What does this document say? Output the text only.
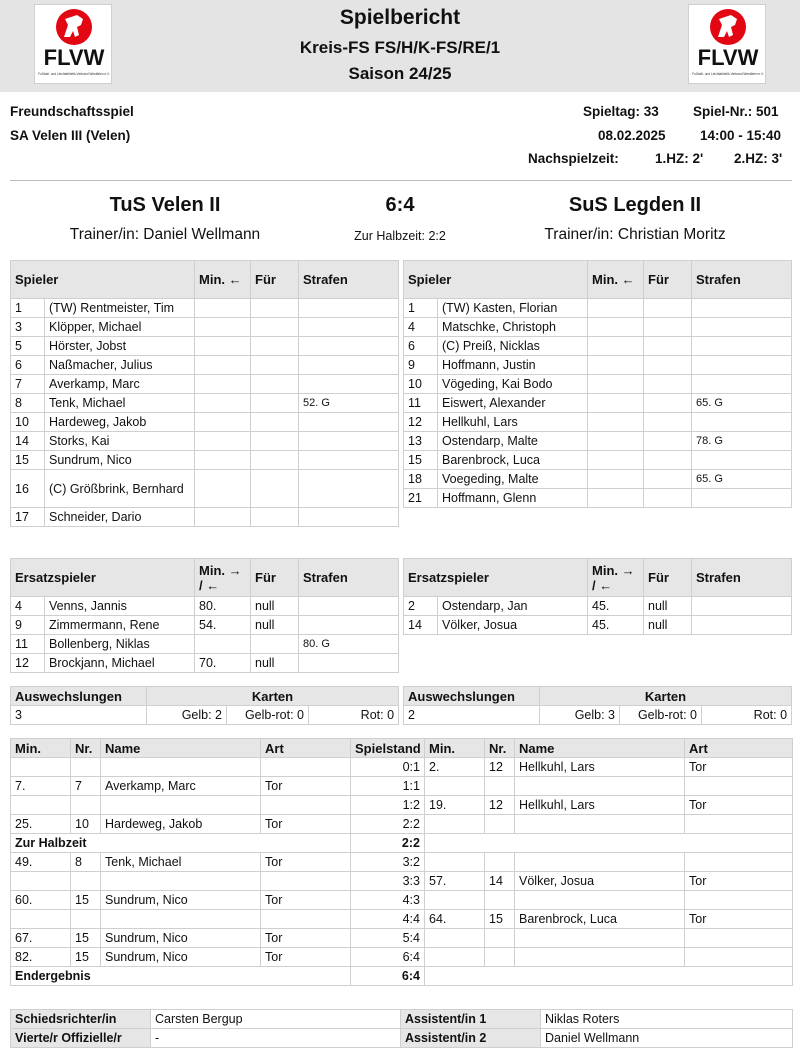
FLVW
Fußball- und Leichtathletik-Verband Westfalen e.V.
Spielbericht
Kreis-FS FS/H/K-FS/RE/1
Saison 24/25
FLVW
Fußball- und Leichtathletik-Verband Westfalen e.V.
Freundschaftsspiel
SA Velen III (Velen)
Spieltag: 33	Spiel-Nr.: 501
08.02.2025	14:00 - 15:40
Nachspielzeit:	1.HZ: 2' 2.HZ: 3'
TuS Velen II	6:4	SuS Legden II
Trainer/in: Daniel Wellmann	Zur Halbzeit: 2:2	Trainer/in: Christian Moritz
Spieler		Min. ←	Für	Strafen
1	(TW) Rentmeister, Tim			
3	Klöpper, Michael			
5	Hörster, Jobst			
6	Naßmacher, Julius			
7	Averkamp, Marc			
8	Tenk, Michael			52. G
10	Hardeweg, Jakob			
14	Storks, Kai			
15	Sundrum, Nico			
16	(C) Größbrink, Bernhard			
17	Schneider, Dario			
Spieler		Min. ←	Für	Strafen
1	(TW) Kasten, Florian			
4	Matschke, Christoph			
6	(C) Preiß, Nicklas			
9	Hoffmann, Justin			
10	Vögeding, Kai Bodo			
11	Eiswert, Alexander			65. G
12	Hellkuhl, Lars			
13	Ostendarp, Malte			78. G
15	Barenbrock, Luca			
18	Voegeding, Malte			65. G
21	Hoffmann, Glenn			
Ersatzspieler		Min. → / ←	Für	Strafen
4	Venns, Jannis	80.	null	
9	Zimmermann, Rene	54.	null	
11	Bollenberg, Niklas			80. G
12	Brockjann, Michael	70.	null	
Ersatzspieler		Min. → / ←	Für	Strafen
2	Ostendarp, Jan	45.	null	
14	Völker, Josua	45.	null	
Auswechslungen	Karten		
3	Gelb: 2	Gelb-rot: 0	Rot: 0
Auswechslungen	Karten		
2	Gelb: 3	Gelb-rot: 0	Rot: 0
Min.	Nr.	Name	Art	Spielstand	Min.	Nr.	Name	Art
				0:1	2.	12	Hellkuhl, Lars	Tor
7.	7	Averkamp, Marc	Tor	1:1				
				1:2	19.	12	Hellkuhl, Lars	Tor
25.	10	Hardeweg, Jakob	Tor	2:2				
Zur Halbzeit				2:2				
49.	8	Tenk, Michael	Tor	3:2				
				3:3	57.	14	Völker, Josua	Tor
60.	15	Sundrum, Nico	Tor	4:3				
				4:4	64.	15	Barenbrock, Luca	Tor
67.	15	Sundrum, Nico	Tor	5:4				
82.	15	Sundrum, Nico	Tor	6:4				
Endergebnis				6:4				
Schiedsrichter/in	Carsten Bergup	Assistent/in 1	Niklas Roters
Vierte/r Offizielle/r	-	Assistent/in 2	Daniel Wellmann
